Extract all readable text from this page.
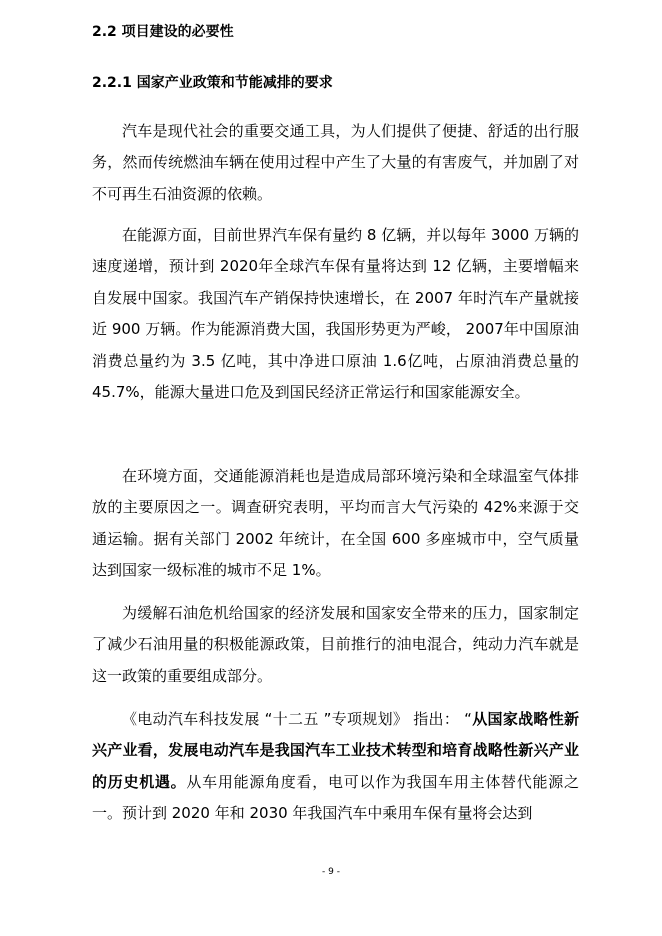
2.2 项目建设的必要性
2.2.1 国家产业政策和节能减排的要求

汽车是现代社会的重要交通工具，为人们提供了便捷、舒适的出行服务，然而传统燃油车辆在使用过程中产生了大量的有害废气，并加剧了对不可再生石油资源的依赖。

在能源方面，目前世界汽车保有量约 8 亿辆，并以每年 3000 万辆的速度递增，预计到 2020年全球汽车保有量将达到 12 亿辆，主要增幅来自发展中国家。我国汽车产销保持快速增长，在 2007 年时汽车产量就接近 900 万辆。作为能源消费大国，我国形势更为严峻， 2007年中国原油消费总量约为 3.5 亿吨，其中净进口原油 1.6亿吨，占原油消费总量的 45.7%，能源大量进口危及到国民经济正常运行和国家能源安全。

在环境方面，交通能源消耗也是造成局部环境污染和全球温室气体排放的主要原因之一。调查研究表明，平均而言大气污染的 42%来源于交通运输。据有关部门 2002 年统计，在全国 600 多座城市中，空气质量达到国家一级标准的城市不足 1%。

为缓解石油危机给国家的经济发展和国家安全带来的压力，国家制定了减少石油用量的积极能源政策，目前推行的油电混合，纯动力汽车就是这一政策的重要组成部分。

《电动汽车科技发展 “十二五 ”专项规划》 指出： “从国家战略性新兴产业看，发展电动汽车是我国汽车工业技术转型和培育战略性新兴产业的历史机遇。从车用能源角度看，电可以作为我国车用主体替代能源之一。预计到 2020 年和 2030 年我国汽车中乘用车保有量将会达到

- 9 -
